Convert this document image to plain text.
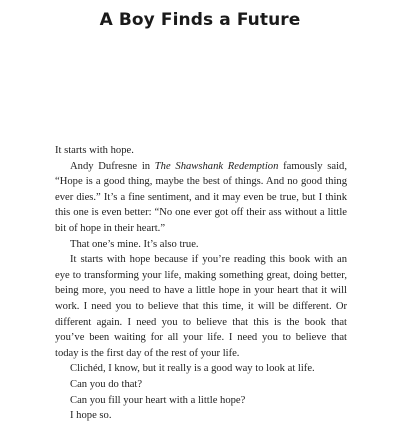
A Boy Finds a Future

It starts with hope.

Andy Dufresne in The Shawshank Redemption famously said, “Hope is a good thing, maybe the best of things. And no good thing ever dies.” It’s a fine sentiment, and it may even be true, but I think this one is even better: “No one ever got off their ass without a little bit of hope in their heart.”

That one’s mine. It’s also true.

It starts with hope because if you’re reading this book with an eye to transforming your life, making something great, doing better, being more, you need to have a little hope in your heart that it will work. I need you to believe that this time, it will be different. Or different again. I need you to believe that this is the book that you’ve been waiting for all your life. I need you to believe that today is the first day of the rest of your life.

Clichéd, I know, but it really is a good way to look at life.

Can you do that?

Can you fill your heart with a little hope?

I hope so.
